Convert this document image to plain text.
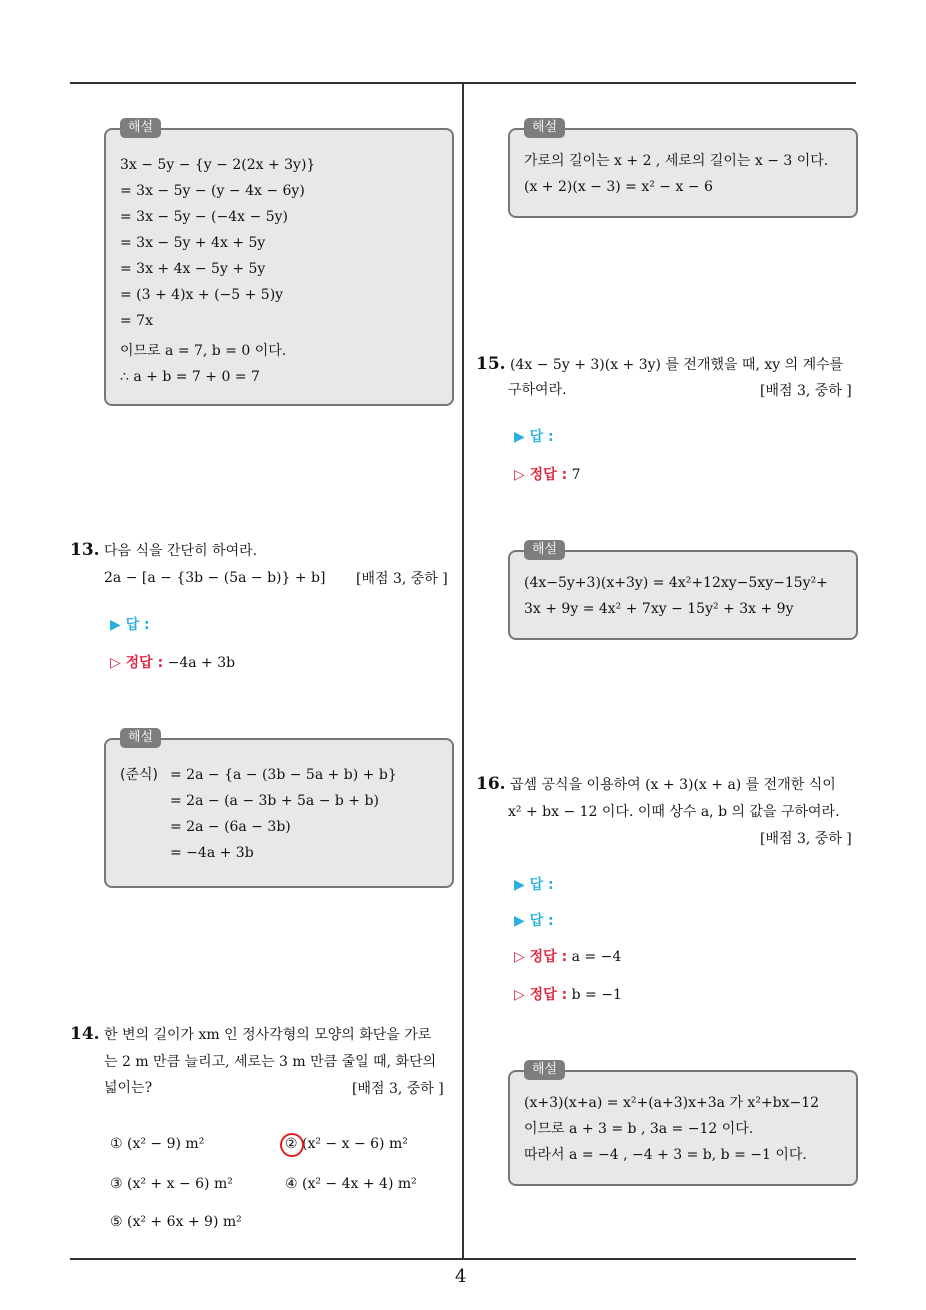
4
해설
3x − 5y − {y − 2(2x + 3y)}
= 3x − 5y − (y − 4x − 6y)
= 3x − 5y − (−4x − 5y)
= 3x − 5y + 4x + 5y
= 3x + 4x − 5y + 5y
= (3 + 4)x + (−5 + 5)y
= 7x
이므로 a = 7, b = 0 이다.
∴ a + b = 7 + 0 = 7
13. 다음 식을 간단히 하여라.
2a − [a − {3b − (5a − b)} + b] [배점 3, 중하 ]
▶ 답 :
▷ 정답 : −4a + 3b
해설
(준식) = 2a − {a − (3b − 5a + b) + b}
= 2a − (a − 3b + 5a − b + b)
= 2a − (6a − 3b)
= −4a + 3b
14. 한 변의 길이가 xm 인 정사각형의 모양의 화단을 가로
는 2 m 만큼 늘리고, 세로는 3 m 만큼 줄일 때, 화단의
넓이는?	[배점 3, 중하 ]
① (x² − 9) m²	② (x² − x − 6) m²
③ (x² + x − 6) m²	④ (x² − 4x + 4) m²
⑤ (x² + 6x + 9) m²
해설
가로의 길이는 x + 2 , 세로의 길이는 x − 3 이다.
(x + 2)(x − 3) = x² − x − 6
15. (4x − 5y + 3)(x + 3y) 를 전개했을 때, xy 의 계수를
구하여라.	[배점 3, 중하 ]
▶ 답 :
▷ 정답 : 7
해설
(4x−5y+3)(x+3y) = 4x²+12xy−5xy−15y²+
3x + 9y = 4x² + 7xy − 15y² + 3x + 9y
16. 곱셈 공식을 이용하여 (x + 3)(x + a) 를 전개한 식이
x² + bx − 12 이다. 이때 상수 a, b 의 값을 구하여라.
[배점 3, 중하 ]
▶ 답 :
▶ 답 :
▷ 정답 : a = −4
▷ 정답 : b = −1
해설
(x+3)(x+a) = x²+(a+3)x+3a 가 x²+bx−12
이므로 a + 3 = b , 3a = −12 이다.
따라서 a = −4 , −4 + 3 = b, b = −1 이다.
